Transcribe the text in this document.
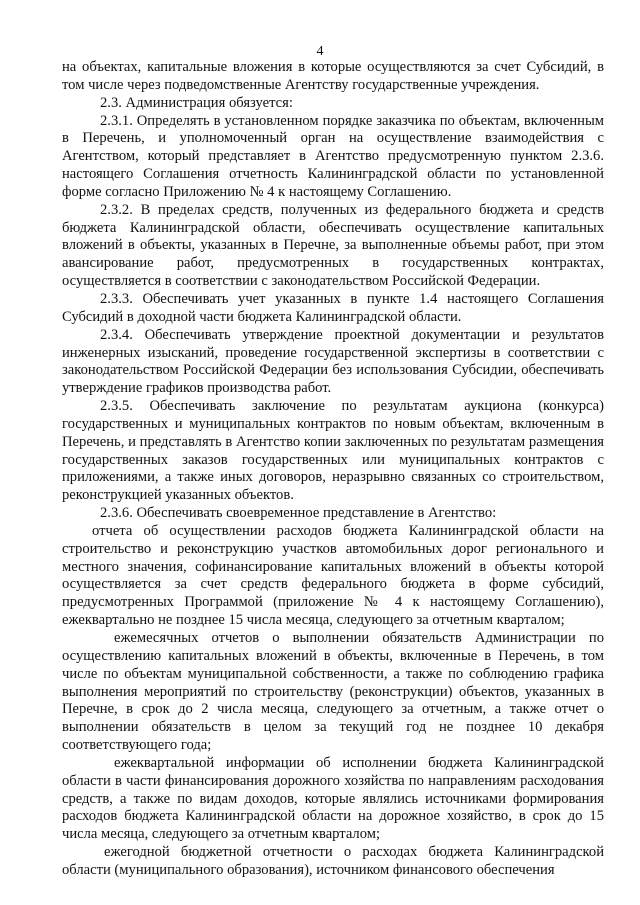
4

на объектах, капитальные вложения в которые осуществляются за счет Субсидий, в том числе через подведомственные Агентству государственные учреждения.

2.3. Администрация обязуется:

2.3.1. Определять в установленном порядке заказчика по объектам, включенным в Перечень, и уполномоченный орган на осуществление взаимодействия с Агентством, который представляет в Агентство предусмотренную пунктом 2.3.6. настоящего Соглашения отчетность Калининградской области по установленной форме согласно Приложению № 4 к настоящему Соглашению.

2.3.2. В пределах средств, полученных из федерального бюджета и средств бюджета Калининградской области, обеспечивать осуществление капитальных вложений в объекты, указанных в Перечне, за выполненные объемы работ, при этом авансирование работ, предусмотренных в государственных контрактах, осуществляется в соответствии с законодательством Российской Федерации.

2.3.3. Обеспечивать учет указанных в пункте 1.4 настоящего Соглашения Субсидий в доходной части бюджета Калининградской области.

2.3.4. Обеспечивать утверждение проектной документации и результатов инженерных изысканий, проведение государственной экспертизы в соответствии с законодательством Российской Федерации без использования Субсидии, обеспечивать утверждение графиков производства работ.

2.3.5. Обеспечивать заключение по результатам аукциона (конкурса) государственных и муниципальных контрактов по новым объектам, включенным в Перечень, и представлять в Агентство копии заключенных по результатам размещения государственных заказов государственных или муниципальных контрактов с приложениями, а также иных договоров, неразрывно связанных со строительством, реконструкцией указанных объектов.

2.3.6. Обеспечивать своевременное представление в Агентство:

отчета об осуществлении расходов бюджета Калининградской области на строительство и реконструкцию участков автомобильных дорог регионального и местного значения, софинансирование капитальных вложений в объекты которой осуществляется за счет средств федерального бюджета в форме субсидий, предусмотренных Программой (приложение № 4 к настоящему Соглашению), ежеквартально не позднее 15 числа месяца, следующего за отчетным кварталом;

ежемесячных отчетов о выполнении обязательств Администрации по осуществлению капитальных вложений в объекты, включенные в Перечень, в том числе по объектам муниципальной собственности, а также по соблюдению графика выполнения мероприятий по строительству (реконструкции) объектов, указанных в Перечне, в срок до 2 числа месяца, следующего за отчетным, а также отчет о выполнении обязательств в целом за текущий год не позднее 10 декабря соответствующего года;

ежеквартальной информации об исполнении бюджета Калининградской области в части финансирования дорожного хозяйства по направлениям расходования средств, а также по видам доходов, которые являлись источниками формирования расходов бюджета Калининградской области на дорожное хозяйство, в срок до 15 числа месяца, следующего за отчетным кварталом;

ежегодной бюджетной отчетности о расходах бюджета Калининградской области (муниципального образования), источником финансового обеспечения
